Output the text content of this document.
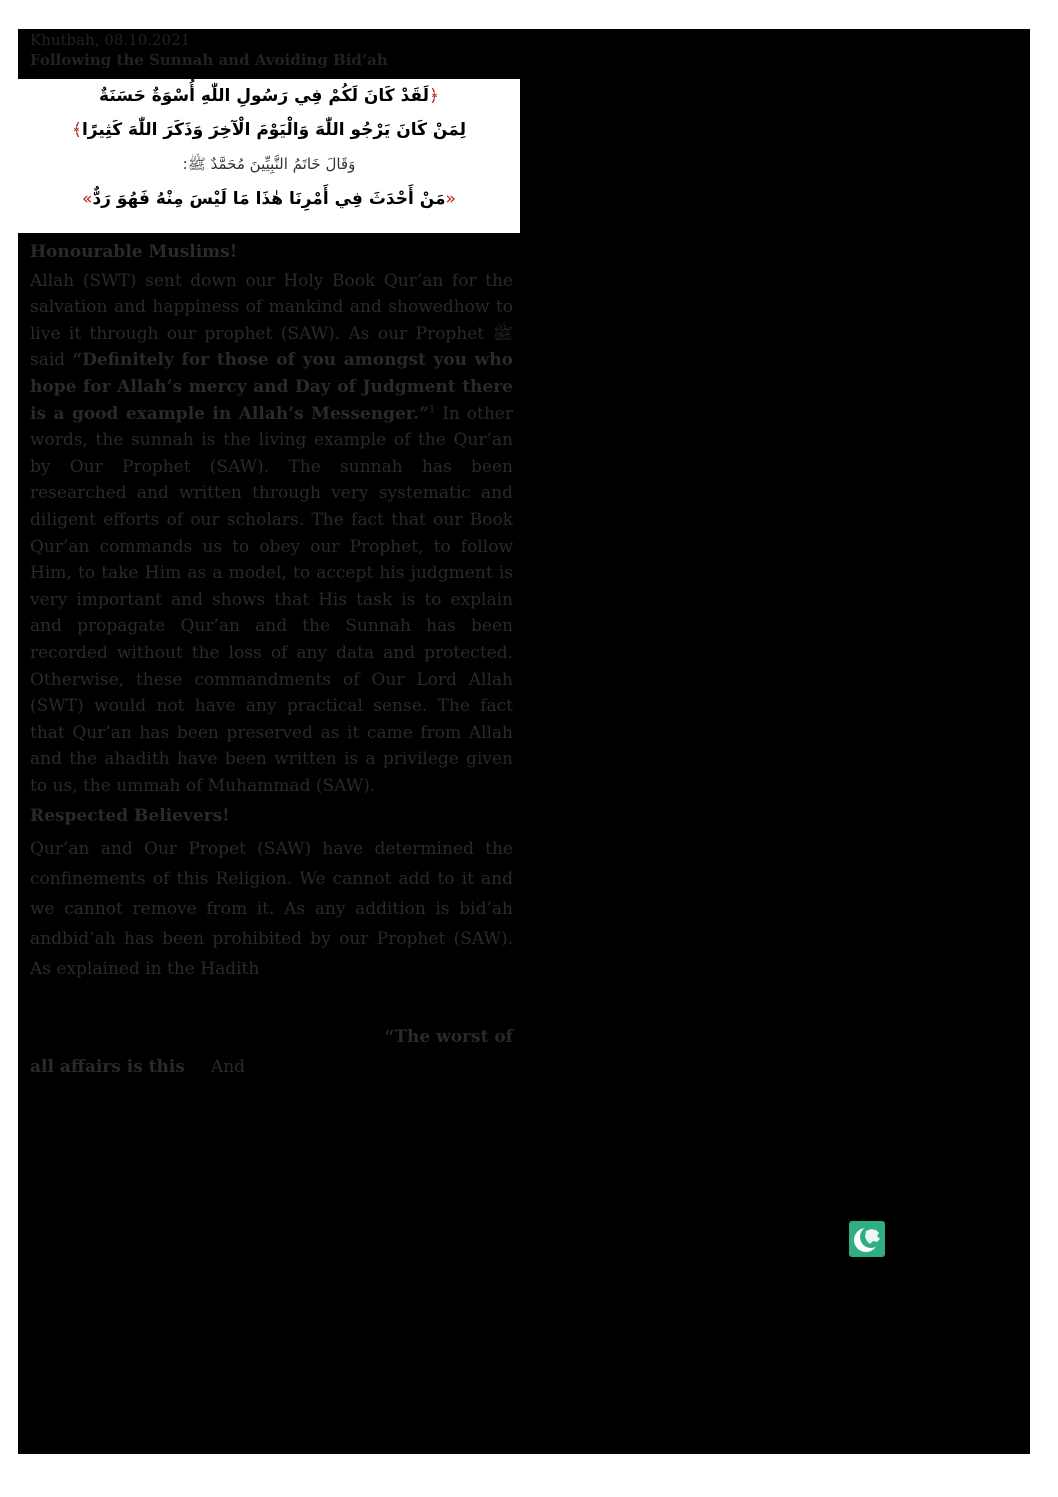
Khutbah, 08.10.2021
Following the Sunnah and Avoiding Bid’ah
﴿لَقَدْ كَانَ لَكُمْ فِي رَسُولِ اللّٰهِ أُسْوَةٌ حَسَنَةٌ
لِمَنْ كَانَ يَرْجُو اللّٰهَ وَالْيَوْمَ الْآخِرَ وَذَكَرَ اللّٰهَ كَثِيرًا﴾
وَقَالَ خَاتَمُ النَّبِيِّينَ مُحَمَّدٌ ﷺ:
«مَنْ أَحْدَثَ فِي أَمْرِنَا هٰذَا مَا لَيْسَ مِنْهُ فَهُوَ رَدٌّ»

Honourable Muslims!

Allah (SWT) sent down our Holy Book Qur’an for the salvation and happiness of mankind and showedhow to live it through our prophet (SAW). As our Prophet ﷺ said “Definitely for those of you amongst you who hope for Allah’s mercy and Day of Judgment there is a good example in Allah’s Messenger.”$^1$ In other words, the sunnah is the living example of the Qur’an by Our Prophet (SAW). The sunnah has been researched and written through very systematic and diligent efforts of our scholars. The fact that our Book Qur’an commands us to obey our Prophet, to follow Him, to take Him as a model, to accept his judgment is very important and shows that His task is to explain and propagate Qur’an and the Sunnah has been recorded without the loss of any data and protected. Otherwise, these commandments of Our Lord Allah (SWT) would not have any practical sense. The fact that Qur’an has been preserved as it came from Allah and the ahadith have been written is a privilege given to us, the ummah of Muhammad (SAW).

Respected Believers!

Qur’an and Our Propet (SAW) have determined the confinements of this Religion. We cannot add to it and we cannot remove from it. As any addition is bid’ah andbid’ah has been prohibited by our Prophet (SAW). As explained in the Hadith

“The worst of
all affairs is this And
